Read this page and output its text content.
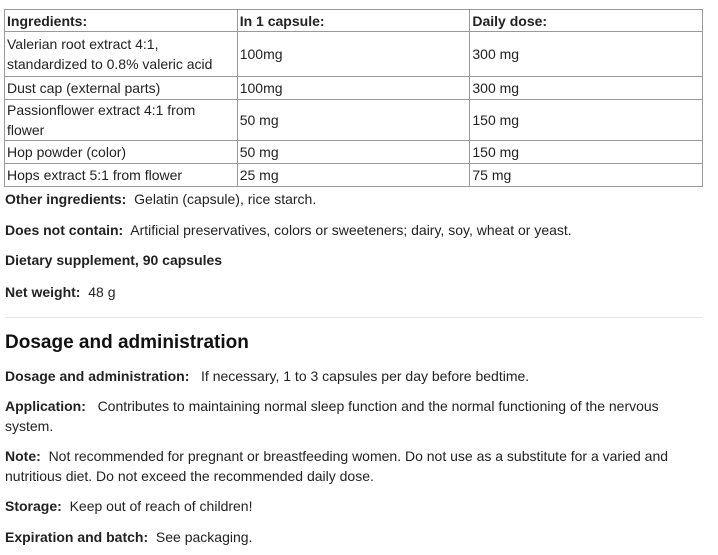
Ingredients:	In 1 capsule:	Daily dose:
Valerian root extract 4:1, standardized to 0.8% valeric acid	100mg	300 mg
Dust cap (external parts)	100mg	300 mg
Passionflower extract 4:1 from flower	50 mg	150 mg
Hop powder (color)	50 mg	150 mg
Hops extract 5:1 from flower	25 mg	75 mg
Other ingredients: Gelatin (capsule), rice starch.
Does not contain: Artificial preservatives, colors or sweeteners; dairy, soy, wheat or yeast.
Dietary supplement, 90 capsules
Net weight: 48 g
Dosage and administration
Dosage and administration: If necessary, 1 to 3 capsules per day before bedtime.
Application: Contributes to maintaining normal sleep function and the normal functioning of the nervous system.
Note: Not recommended for pregnant or breastfeeding women. Do not use as a substitute for a varied and nutritious diet. Do not exceed the recommended daily dose.
Storage: Keep out of reach of children!
Expiration and batch: See packaging.
